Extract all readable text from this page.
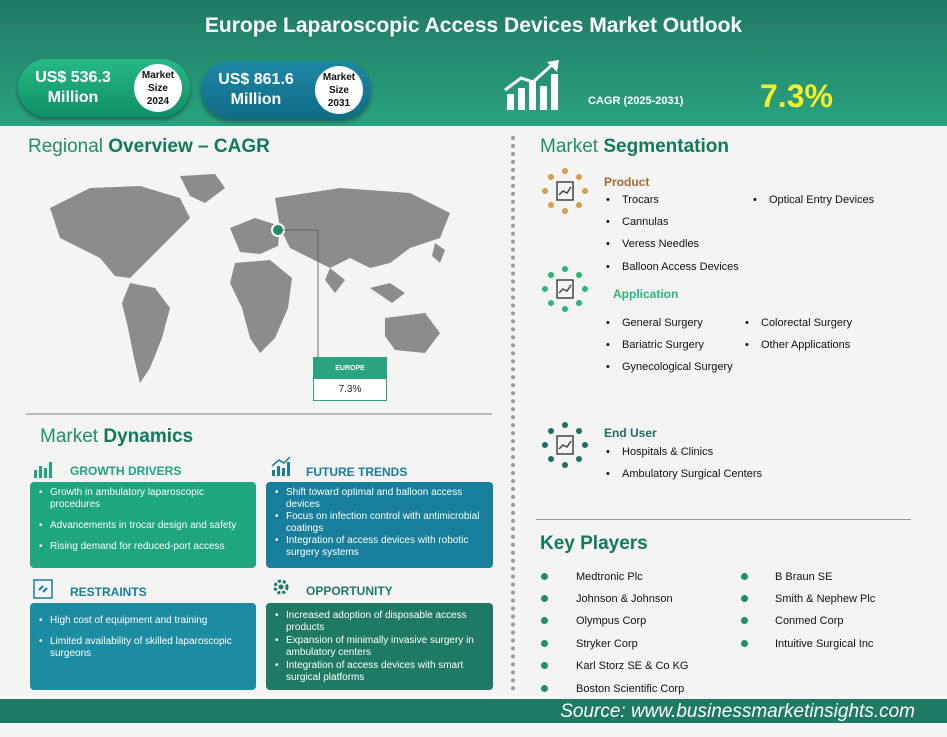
Europe Laparoscopic Access Devices Market Outlook
US$ 536.3
Million
Market
Size
2024
US$ 861.6
Million
Market
Size
2031	CAGR (2025-2031) 7.3%
Regional Overview – CAGR
EUROPE
7.3%
Market Dynamics
GROWTH DRIVERS
• Growth in ambulatory laparoscopic procedures
• Advancements in trocar design and safety
• Rising demand for reduced-port access
FUTURE TRENDS
• Shift toward optimal and balloon access devices
• Focus on infection control with antimicrobial coatings
• Integration of access devices with robotic surgery systems
RESTRAINTS
• High cost of equipment and training
• Limited availability of skilled laparoscopic surgeons
OPPORTUNITY
• Increased adoption of disposable access products
• Expansion of minimally invasive surgery in ambulatory centers
• Integration of access devices with smart surgical platforms
Market Segmentation
Product
• Trocars
• Cannulas
• Veress Needles
• Balloon Access Devices
• Optical Entry Devices
Application
• General Surgery
• Bariatric Surgery
• Gynecological Surgery
• Colorectal Surgery
• Other Applications
End User
• Hospitals & Clinics
• Ambulatory Surgical Centers
Key Players
Medtronic Plc
Johnson & Johnson
Olympus Corp
Stryker Corp
Karl Storz SE & Co KG
Boston Scientific Corp
B Braun SE
Smith & Nephew Plc
Conmed Corp
Intuitive Surgical Inc
Source: www.businessmarketinsights.com
